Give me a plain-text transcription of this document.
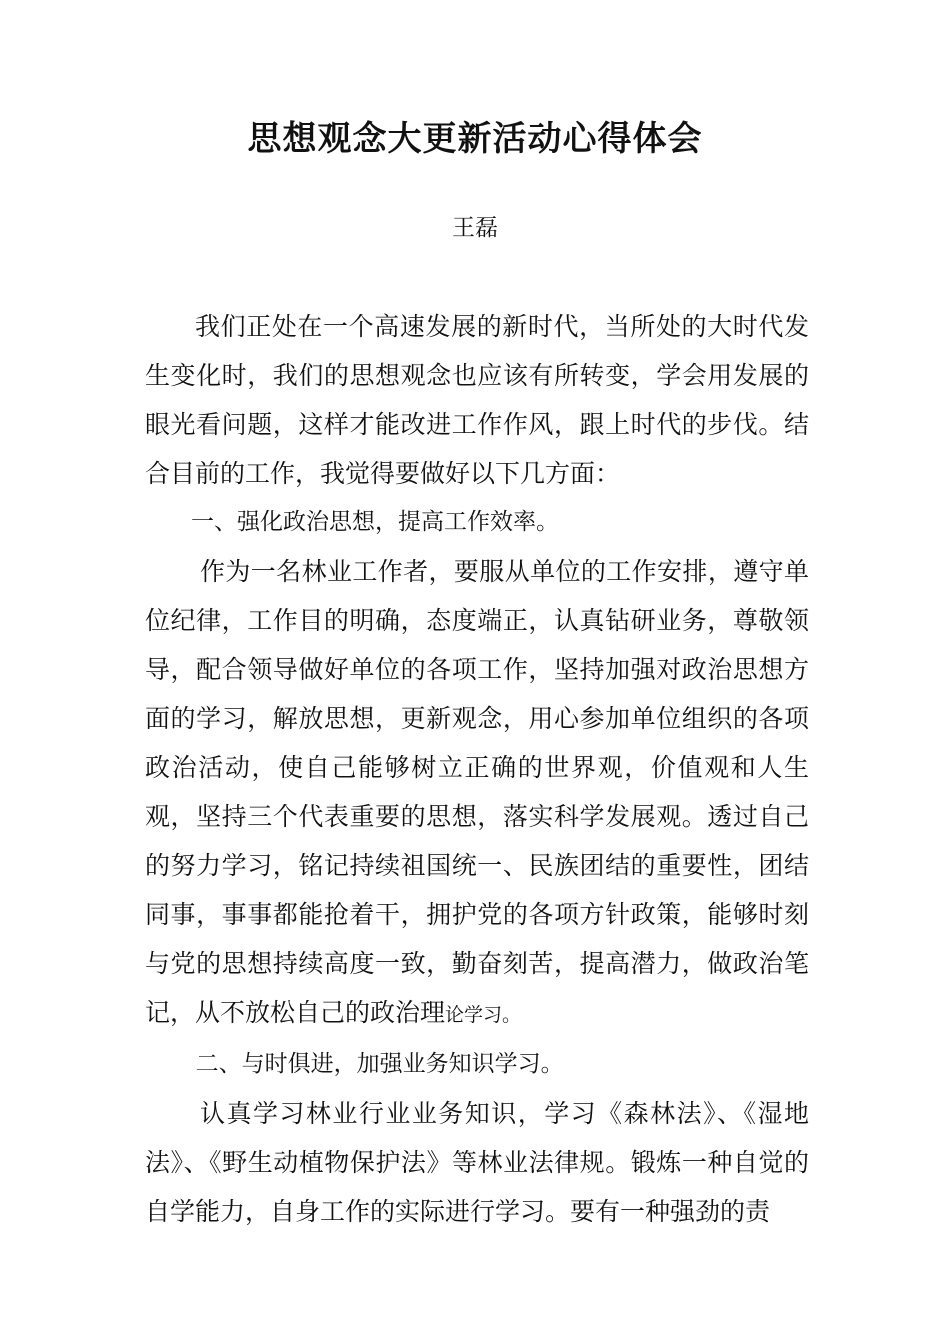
思想观念大更新活动心得体会
王磊

我们正处在一个高速发展的新时代，当所处的大时代发生变化时，我们的思想观念也应该有所转变，学会用发展的眼光看问题，这样才能改进工作作风，跟上时代的步伐。结合目前的工作，我觉得要做好以下几方面：

一、强化政治思想，提高工作效率。

作为一名林业工作者，要服从单位的工作安排，遵守单位纪律，工作目的明确，态度端正，认真钻研业务，尊敬领导，配合领导做好单位的各项工作，坚持加强对政治思想方面的学习，解放思想，更新观念，用心参加单位组织的各项政治活动，使自己能够树立正确的世界观，价值观和人生观，坚持三个代表重要的思想，落实科学发展观。透过自己的努力学习，铭记持续祖国统一、民族团结的重要性，团结同事，事事都能抢着干，拥护党的各项方针政策，能够时刻与党的思想持续高度一致，勤奋刻苦，提高潜力，做政治笔记，从不放松自己的政治理论学习。

二、与时俱进，加强业务知识学习。

认真学习林业行业业务知识，学习《森林法》、《湿地法》、《野生动植物保护法》等林业法律规。锻炼一种自觉的自学能力，自身工作的实际进行学习。要有一种强劲的责
